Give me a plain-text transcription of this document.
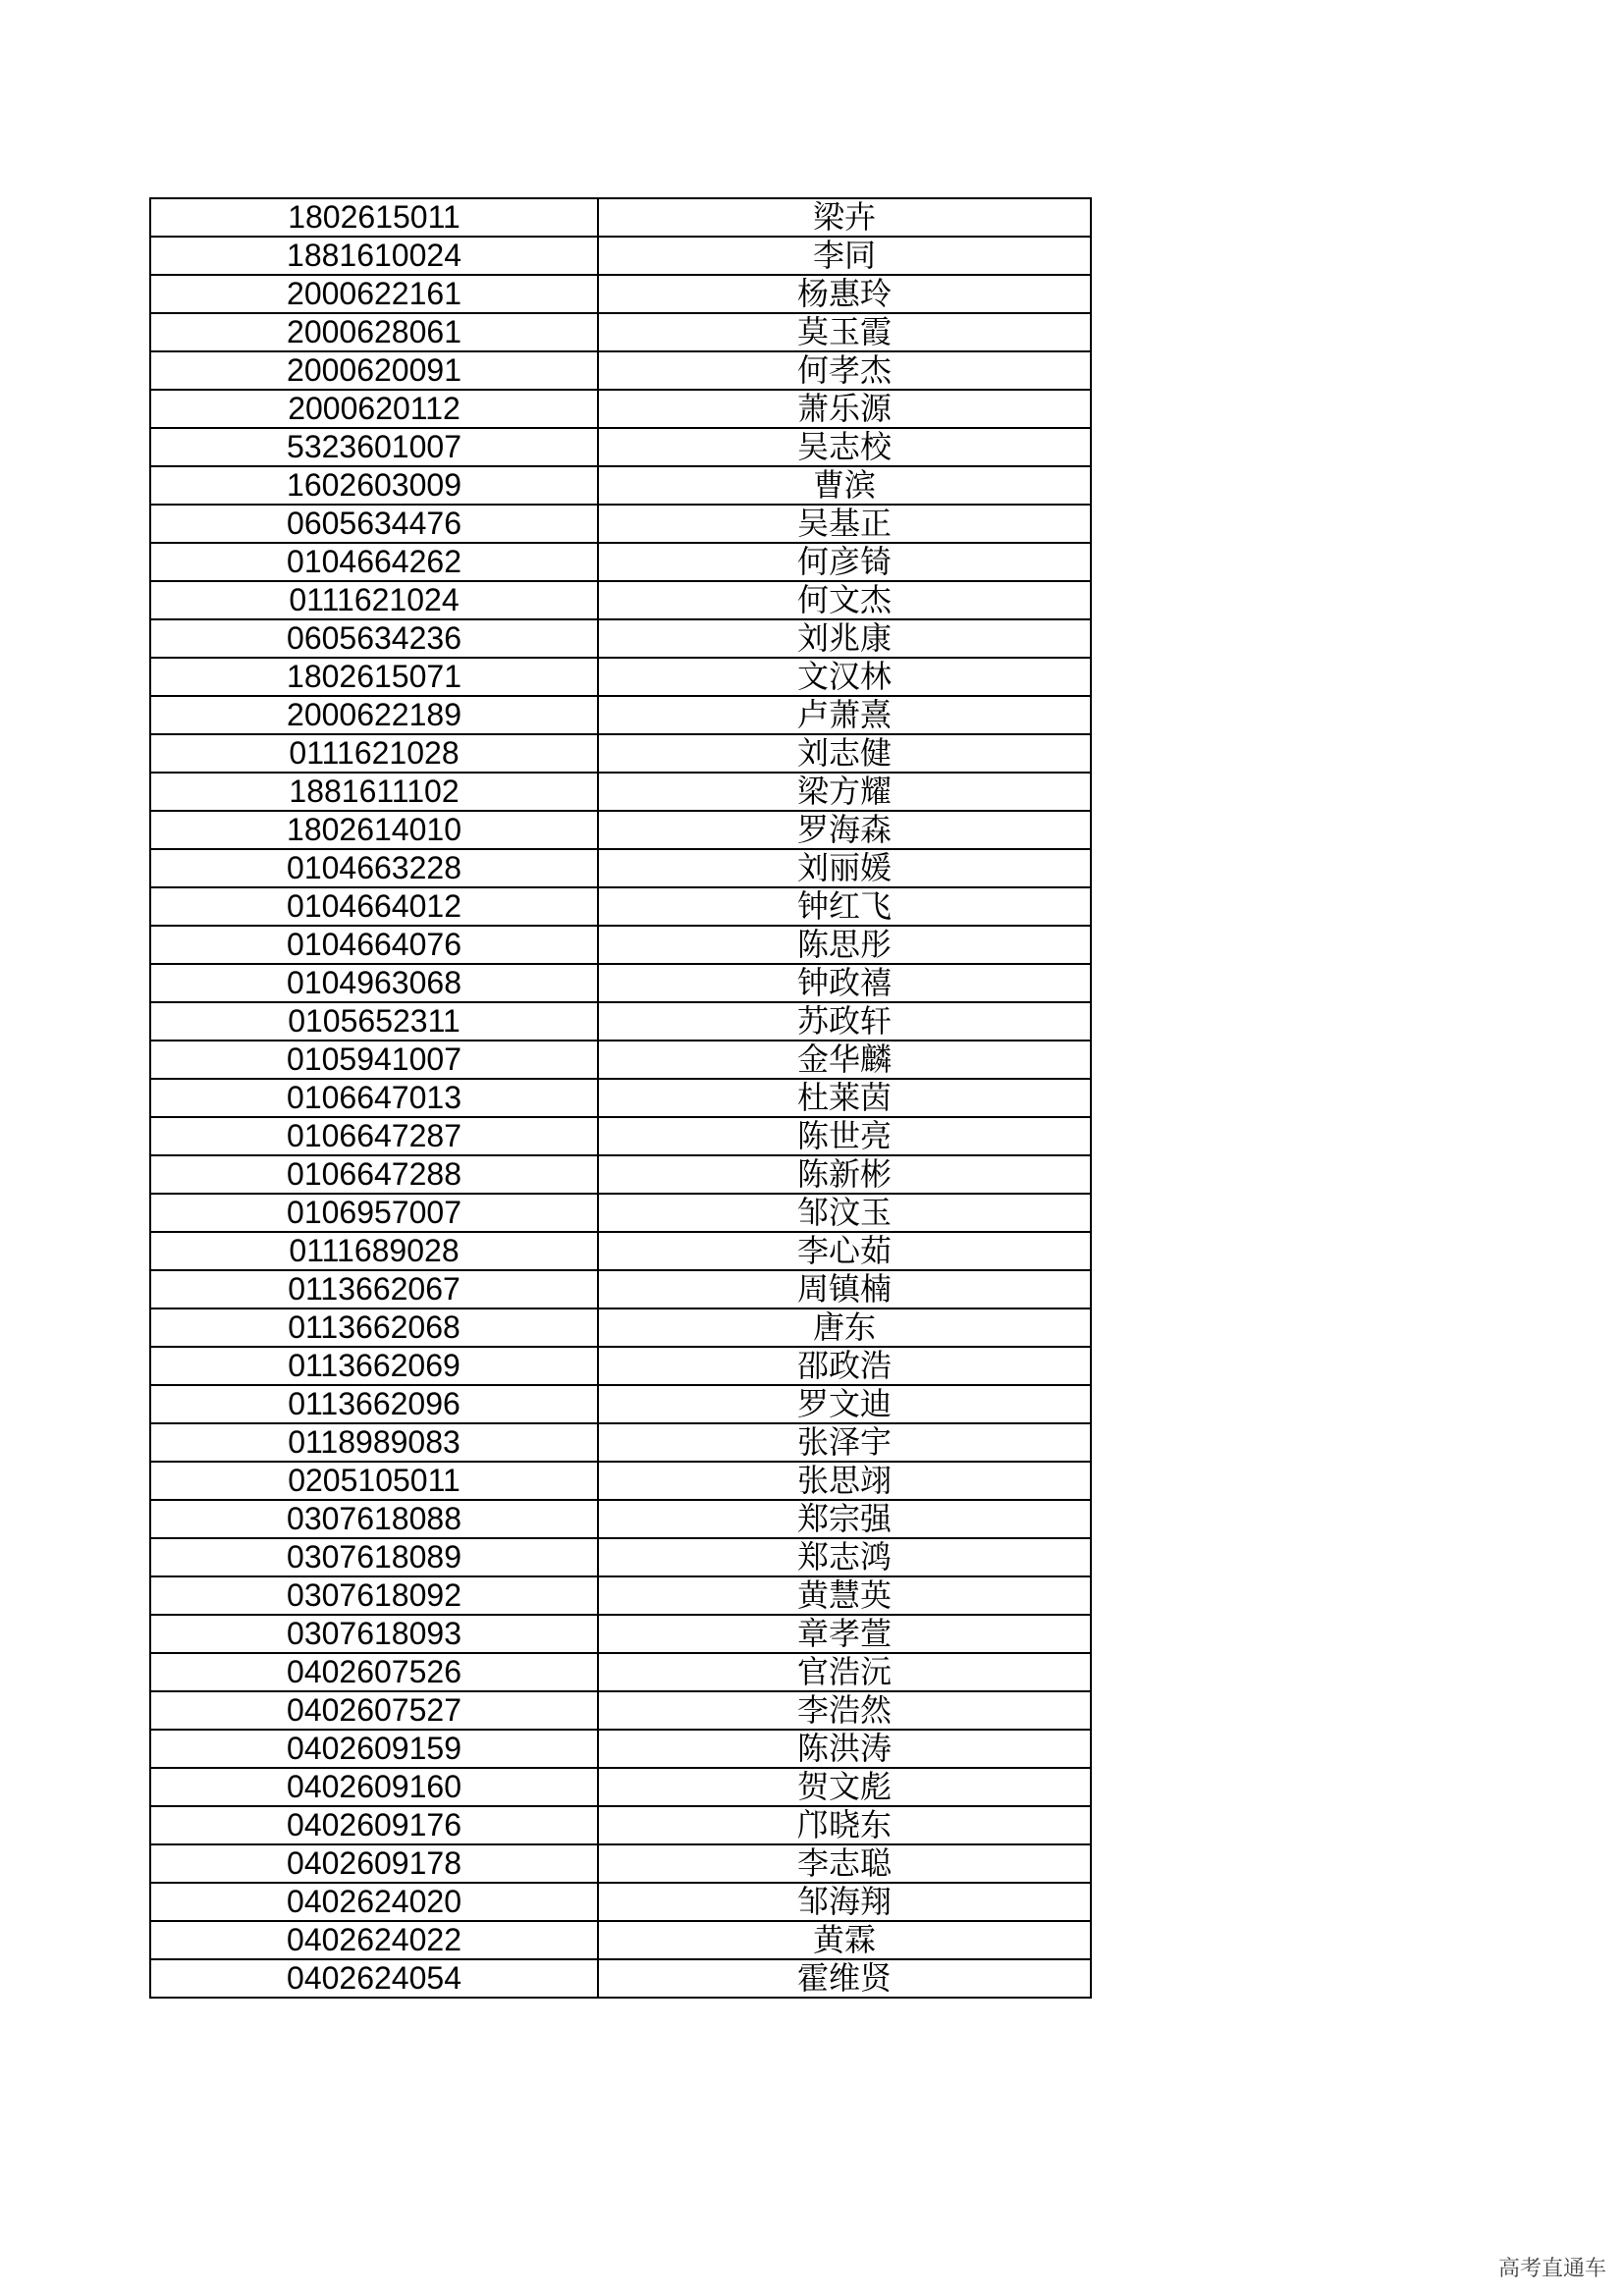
1802615011	梁卉
1881610024	李同
2000622161	杨惠玲
2000628061	莫玉霞
2000620091	何孝杰
2000620112	萧乐源
5323601007	吴志校
1602603009	曹滨
0605634476	吴基正
0104664262	何彦锜
0111621024	何文杰
0605634236	刘兆康
1802615071	文汉林
2000622189	卢萧熹
0111621028	刘志健
1881611102	梁方耀
1802614010	罗海森
0104663228	刘丽媛
0104664012	钟红飞
0104664076	陈思彤
0104963068	钟政禧
0105652311	苏政轩
0105941007	金华麟
0106647013	杜莱茵
0106647287	陈世亮
0106647288	陈新彬
0106957007	邹汶玉
0111689028	李心茹
0113662067	周镇楠
0113662068	唐东
0113662069	邵政浩
0113662096	罗文迪
0118989083	张泽宇
0205105011	张思翊
0307618088	郑宗强
0307618089	郑志鸿
0307618092	黄慧英
0307618093	章孝萱
0402607526	官浩沅
0402607527	李浩然
0402609159	陈洪涛
0402609160	贺文彪
0402609176	邝晓东
0402609178	李志聪
0402624020	邹海翔
0402624022	黄霖
0402624054	霍维贤
高考直通车
